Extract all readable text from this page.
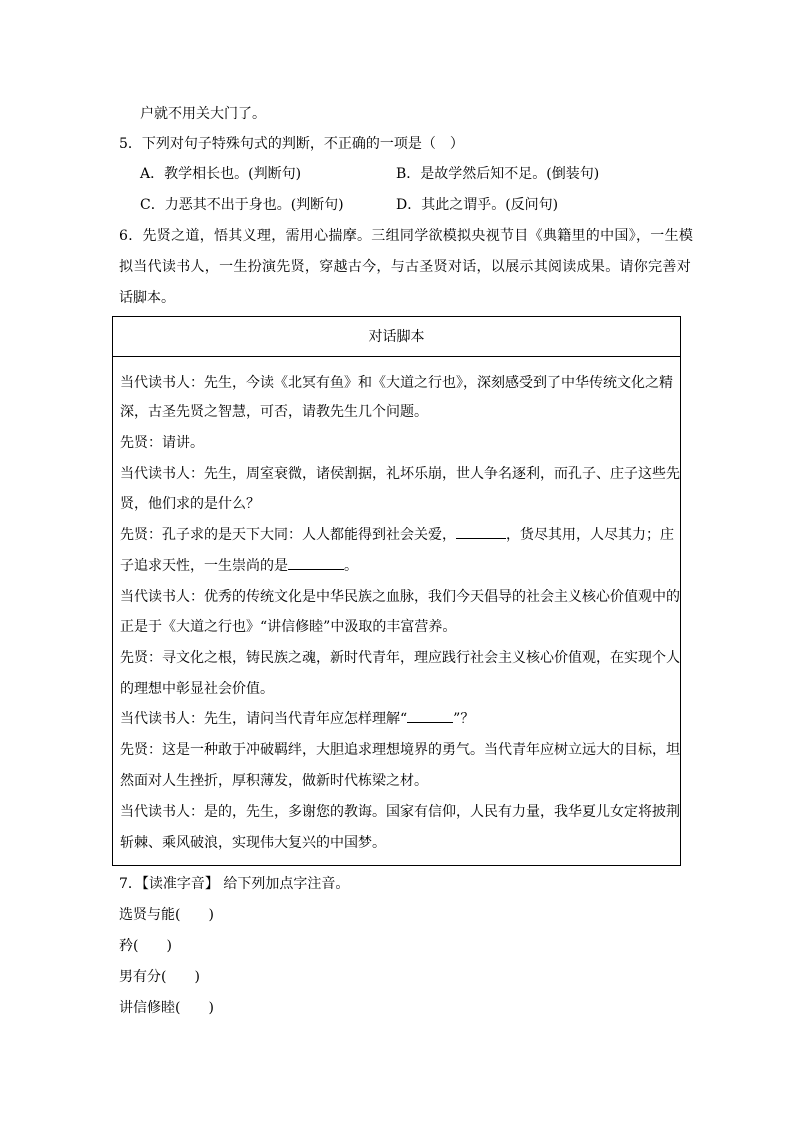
户就不用关大门了。
5．下列对句子特殊句式的判断，不正确的一项是（　）
A．教学相长也。(判断句)	B．是故学然后知不足。(倒装句)
C．力恶其不出于身也。(判断句)	D．其此之谓乎。(反问句)
6．先贤之道，悟其义理，需用心揣摩。三组同学欲模拟央视节目《典籍里的中国》，一生模
拟当代读书人，一生扮演先贤，穿越古今，与古圣贤对话，以展示其阅读成果。请你完善对
话脚本。
对话脚本
当代读书人：先生，今读《北冥有鱼》和《大道之行也》，深刻感受到了中华传统文化之精
深，古圣先贤之智慧，可否，请教先生几个问题。
先贤：请讲。
当代读书人：先生，周室衰微，诸侯割据，礼坏乐崩，世人争名逐利，而孔子、庄子这些先
贤，他们求的是什么？
先贤：孔子求的是天下大同：人人都能得到社会关爱，	，货尽其用，人尽其力；庄
子追求天性，一生崇尚的是	。
当代读书人：优秀的传统文化是中华民族之血脉，我们今天倡导的社会主义核心价值观中的
正是于《大道之行也》“讲信修睦”中汲取的丰富营养。
先贤：寻文化之根，铸民族之魂，新时代青年，理应践行社会主义核心价值观，在实现个人
的理想中彰显社会价值。
当代读书人：先生，请问当代青年应怎样理解“	”？
先贤：这是一种敢于冲破羁绊，大胆追求理想境界的勇气。当代青年应树立远大的目标，坦
然面对人生挫折，厚积薄发，做新时代栋梁之材。
当代读书人：是的，先生，多谢您的教诲。国家有信仰，人民有力量，我华夏儿女定将披荆
斩棘、乘风破浪，实现伟大复兴的中国梦。
7．【读准字音】 给下列加点字注音。
选贤与能(　　)
矜(　　)
男有分(　　)
讲信修睦(　　)
